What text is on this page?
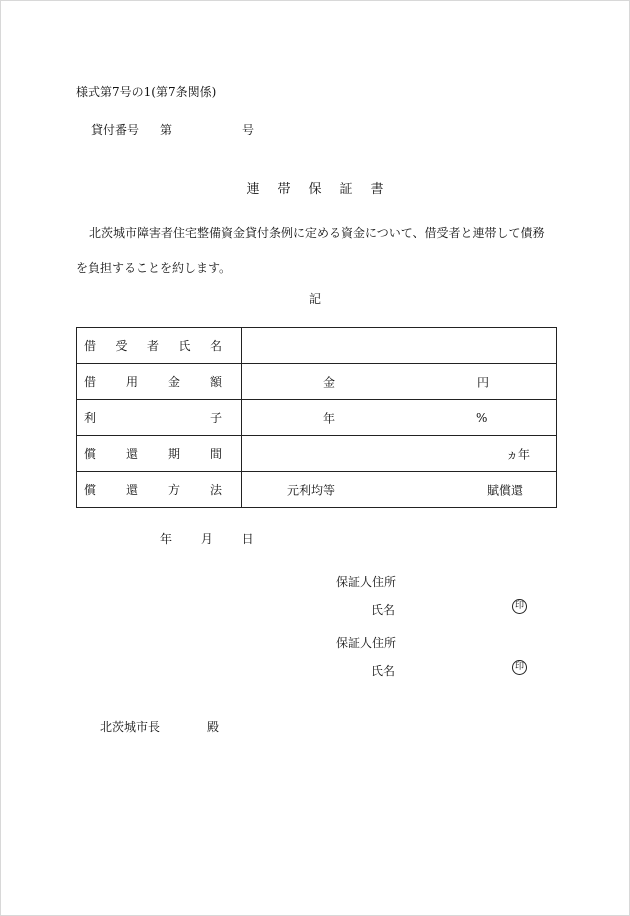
様式第7号の1(第7条関係)
貸付番号 第	号
連	帯	保	証	書
北茨城市障害者住宅整備資金貸付条例に定める資金について、借受者と連帯して債務を負担することを約します。
記
借 受 者 氏 名	

借 用 金 額	金 円

利 子	年 %

償 還 期 間	ヵ年

償 還 方 法	元利均等 賦償還
年 月 日
保証人住所
氏名	印
保証人住所
氏名	印
北茨城市長	殿
